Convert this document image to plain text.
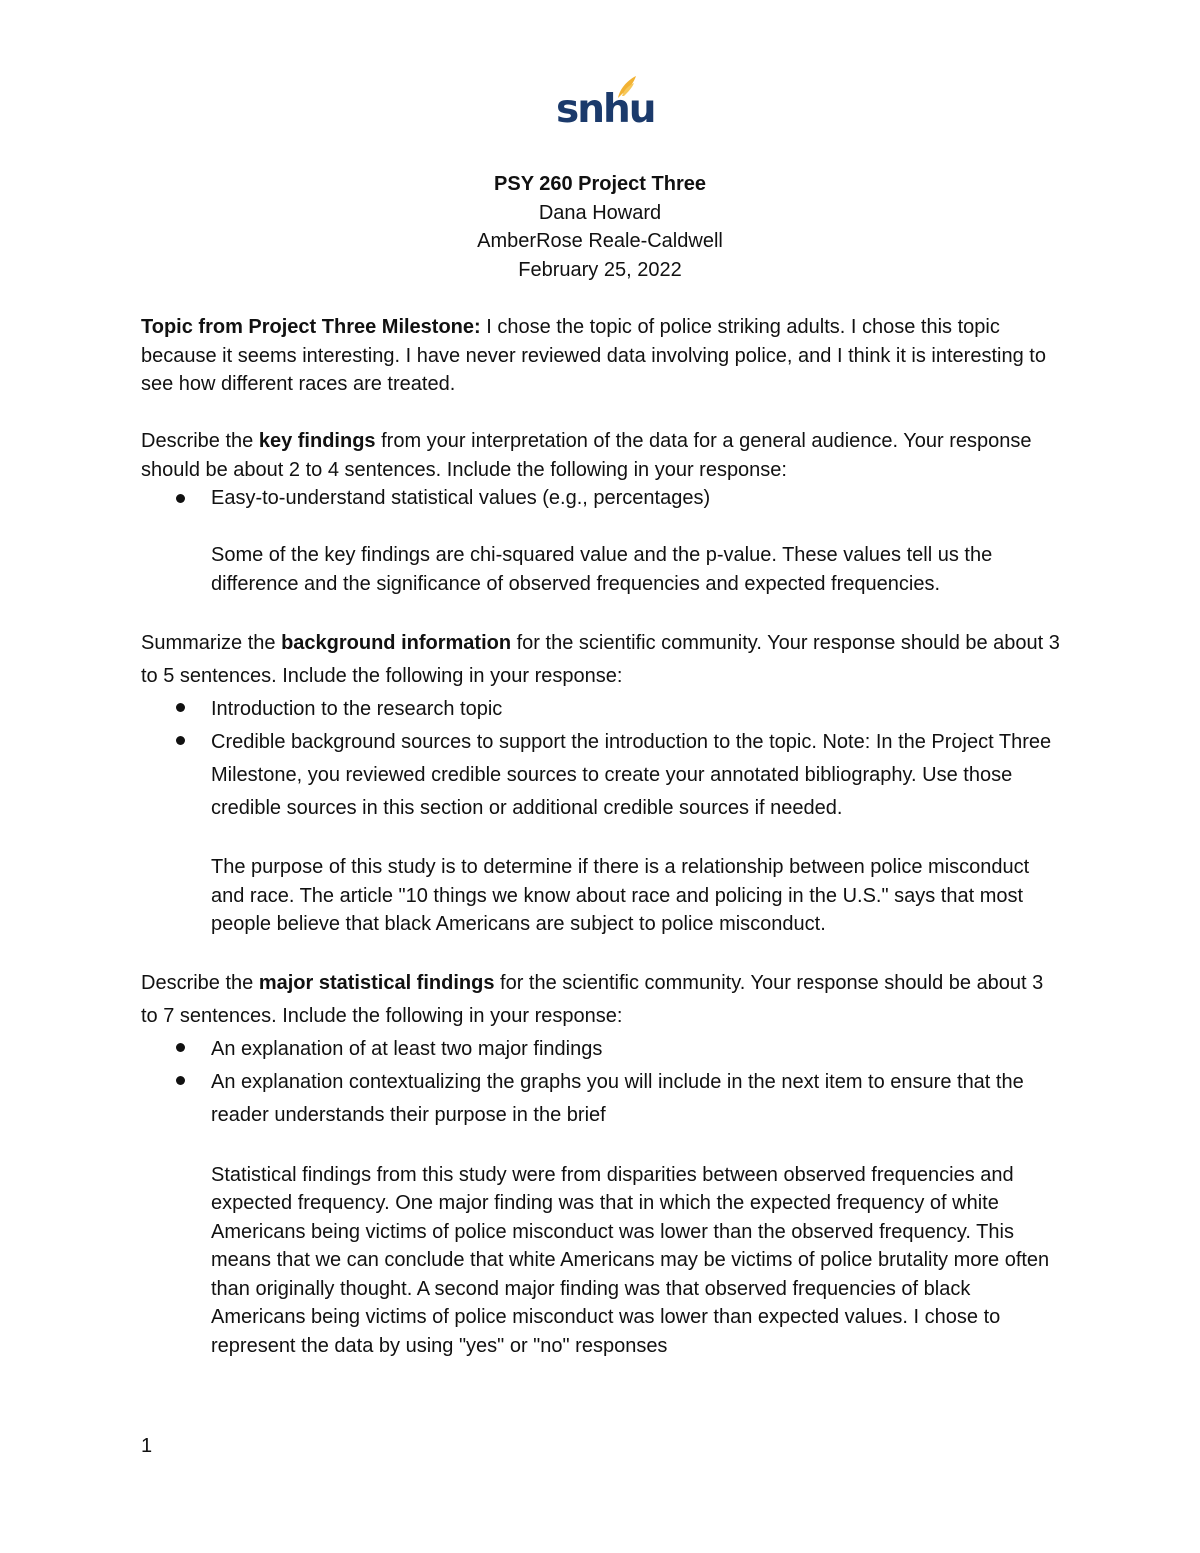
snhu
PSY 260 Project Three
Dana Howard
AmberRose Reale-Caldwell
February 25, 2022

Topic from Project Three Milestone: I chose the topic of police striking adults. I chose this topic because it seems interesting. I have never reviewed data involving police, and I think it is interesting to see how different races are treated.

Describe the key findings from your interpretation of the data for a general audience. Your response should be about 2 to 4 sentences. Include the following in your response:

Easy-to-understand statistical values (e.g., percentages)

Some of the key findings are chi-squared value and the p-value. These values tell us the difference and the significance of observed frequencies and expected frequencies.

Summarize the background information for the scientific community. Your response should be about 3 to 5 sentences. Include the following in your response:

Introduction to the research topic
Credible background sources to support the introduction to the topic. Note: In the Project Three Milestone, you reviewed credible sources to create your annotated bibliography. Use those credible sources in this section or additional credible sources if needed.

The purpose of this study is to determine if there is a relationship between police misconduct and race. The article "10 things we know about race and policing in the U.S." says that most people believe that black Americans are subject to police misconduct.

Describe the major statistical findings for the scientific community. Your response should be about 3 to 7 sentences. Include the following in your response:

An explanation of at least two major findings
An explanation contextualizing the graphs you will include in the next item to ensure that the reader understands their purpose in the brief

Statistical findings from this study were from disparities between observed frequencies and expected frequency. One major finding was that in which the expected frequency of white Americans being victims of police misconduct was lower than the observed frequency. This means that we can conclude that white Americans may be victims of police brutality more often than originally thought. A second major finding was that observed frequencies of black Americans being victims of police misconduct was lower than expected values. I chose to represent the data by using "yes" or "no" responses

1
